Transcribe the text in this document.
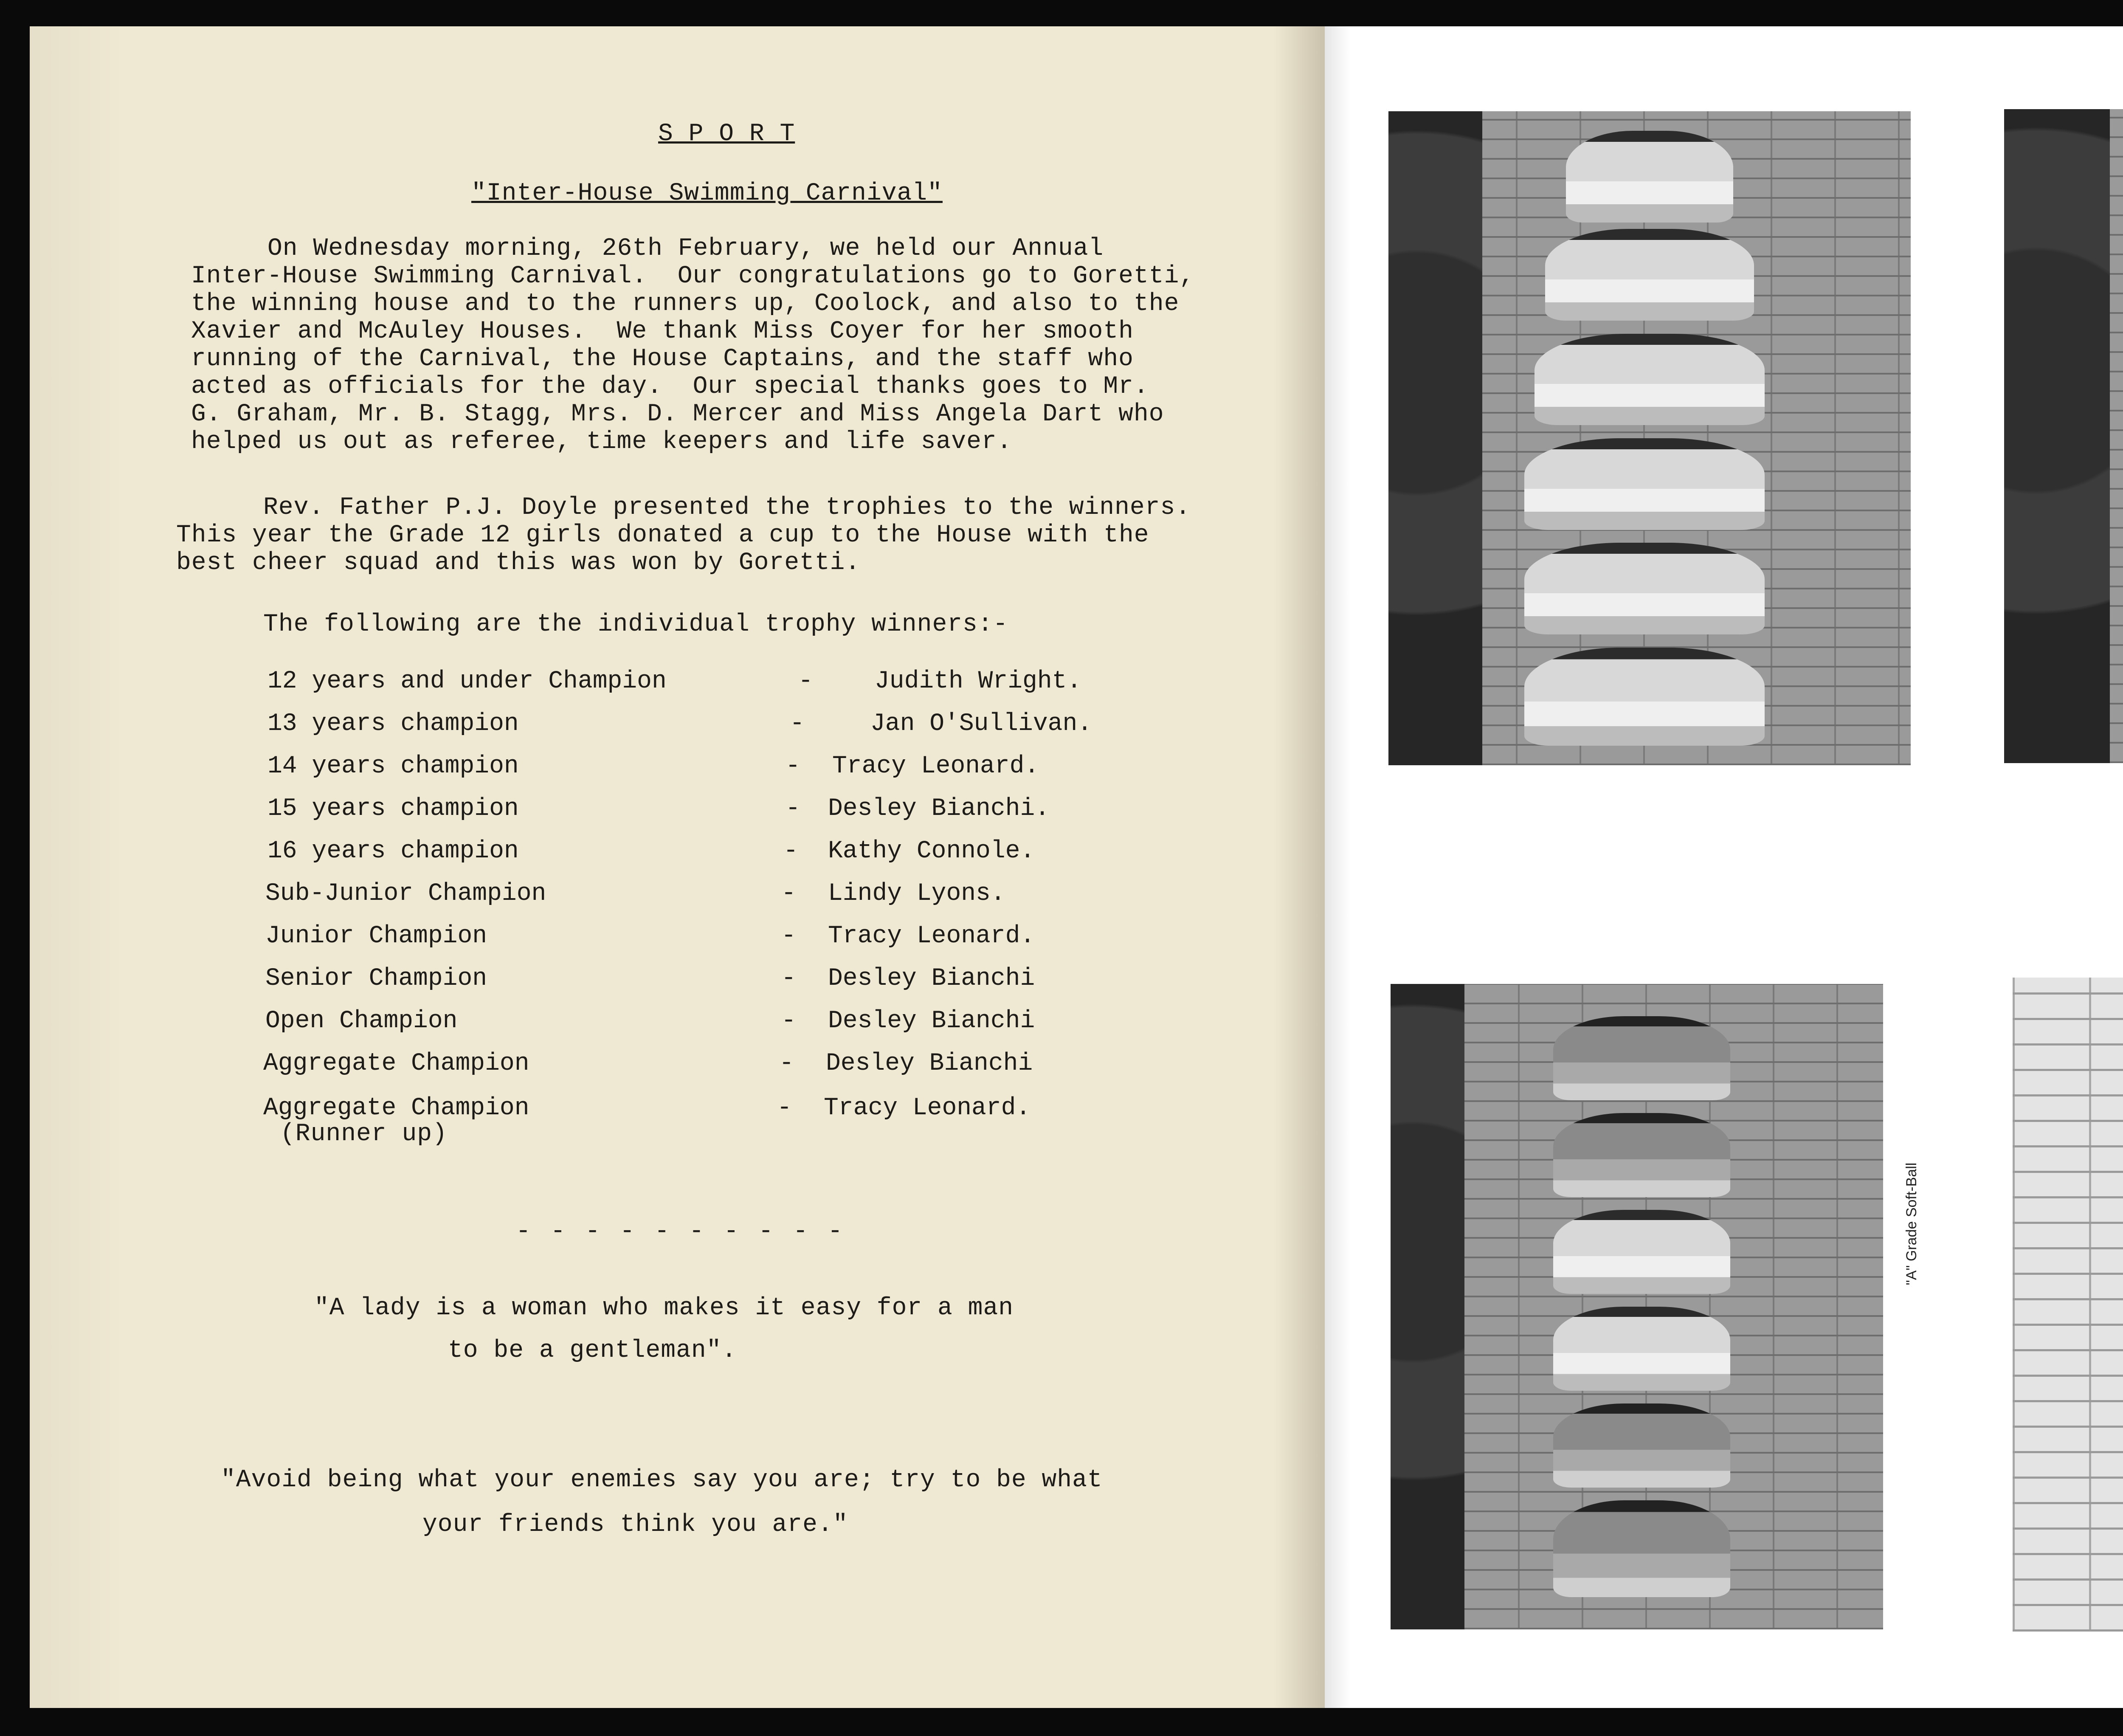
S P O R T
"Inter-House Swimming Carnival"
On Wednesday morning, 26th February, we held our Annual
Inter-House Swimming Carnival.  Our congratulations go to Goretti,
the winning house and to the runners up, Coolock, and also to the
Xavier and McAuley Houses.  We thank Miss Coyer for her smooth
running of the Carnival, the House Captains, and the staff who
acted as officials for the day.  Our special thanks goes to Mr.
G. Graham, Mr. B. Stagg, Mrs. D. Mercer and Miss Angela Dart who
helped us out as referee, time keepers and life saver.
Rev. Father P.J. Doyle presented the trophies to the winners.
This year the Grade 12 girls donated a cup to the House with the
best cheer squad and this was won by Goretti.
The following are the individual trophy winners:-
12 years and under Champion	-	Judith Wright.
13 years champion	-	Jan O'Sullivan.
14 years champion	- Tracy Leonard.
15 years champion	- Desley Bianchi.
16 years champion	- Kathy Connole.
Sub-Junior Champion	- Lindy Lyons.
Junior Champion	- Tracy Leonard.
Senior Champion	- Desley Bianchi
Open Champion	- Desley Bianchi
Aggregate Champion	- Desley Bianchi
Aggregate Champion	- Tracy Leonard.
(Runner up)
- - - - - - - - - -
"A lady is a woman who makes it easy for a man
to be a gentleman".
"Avoid being what your enemies say you are; try to be what
your friends think you are."
"A" Grade Soft-Ball
